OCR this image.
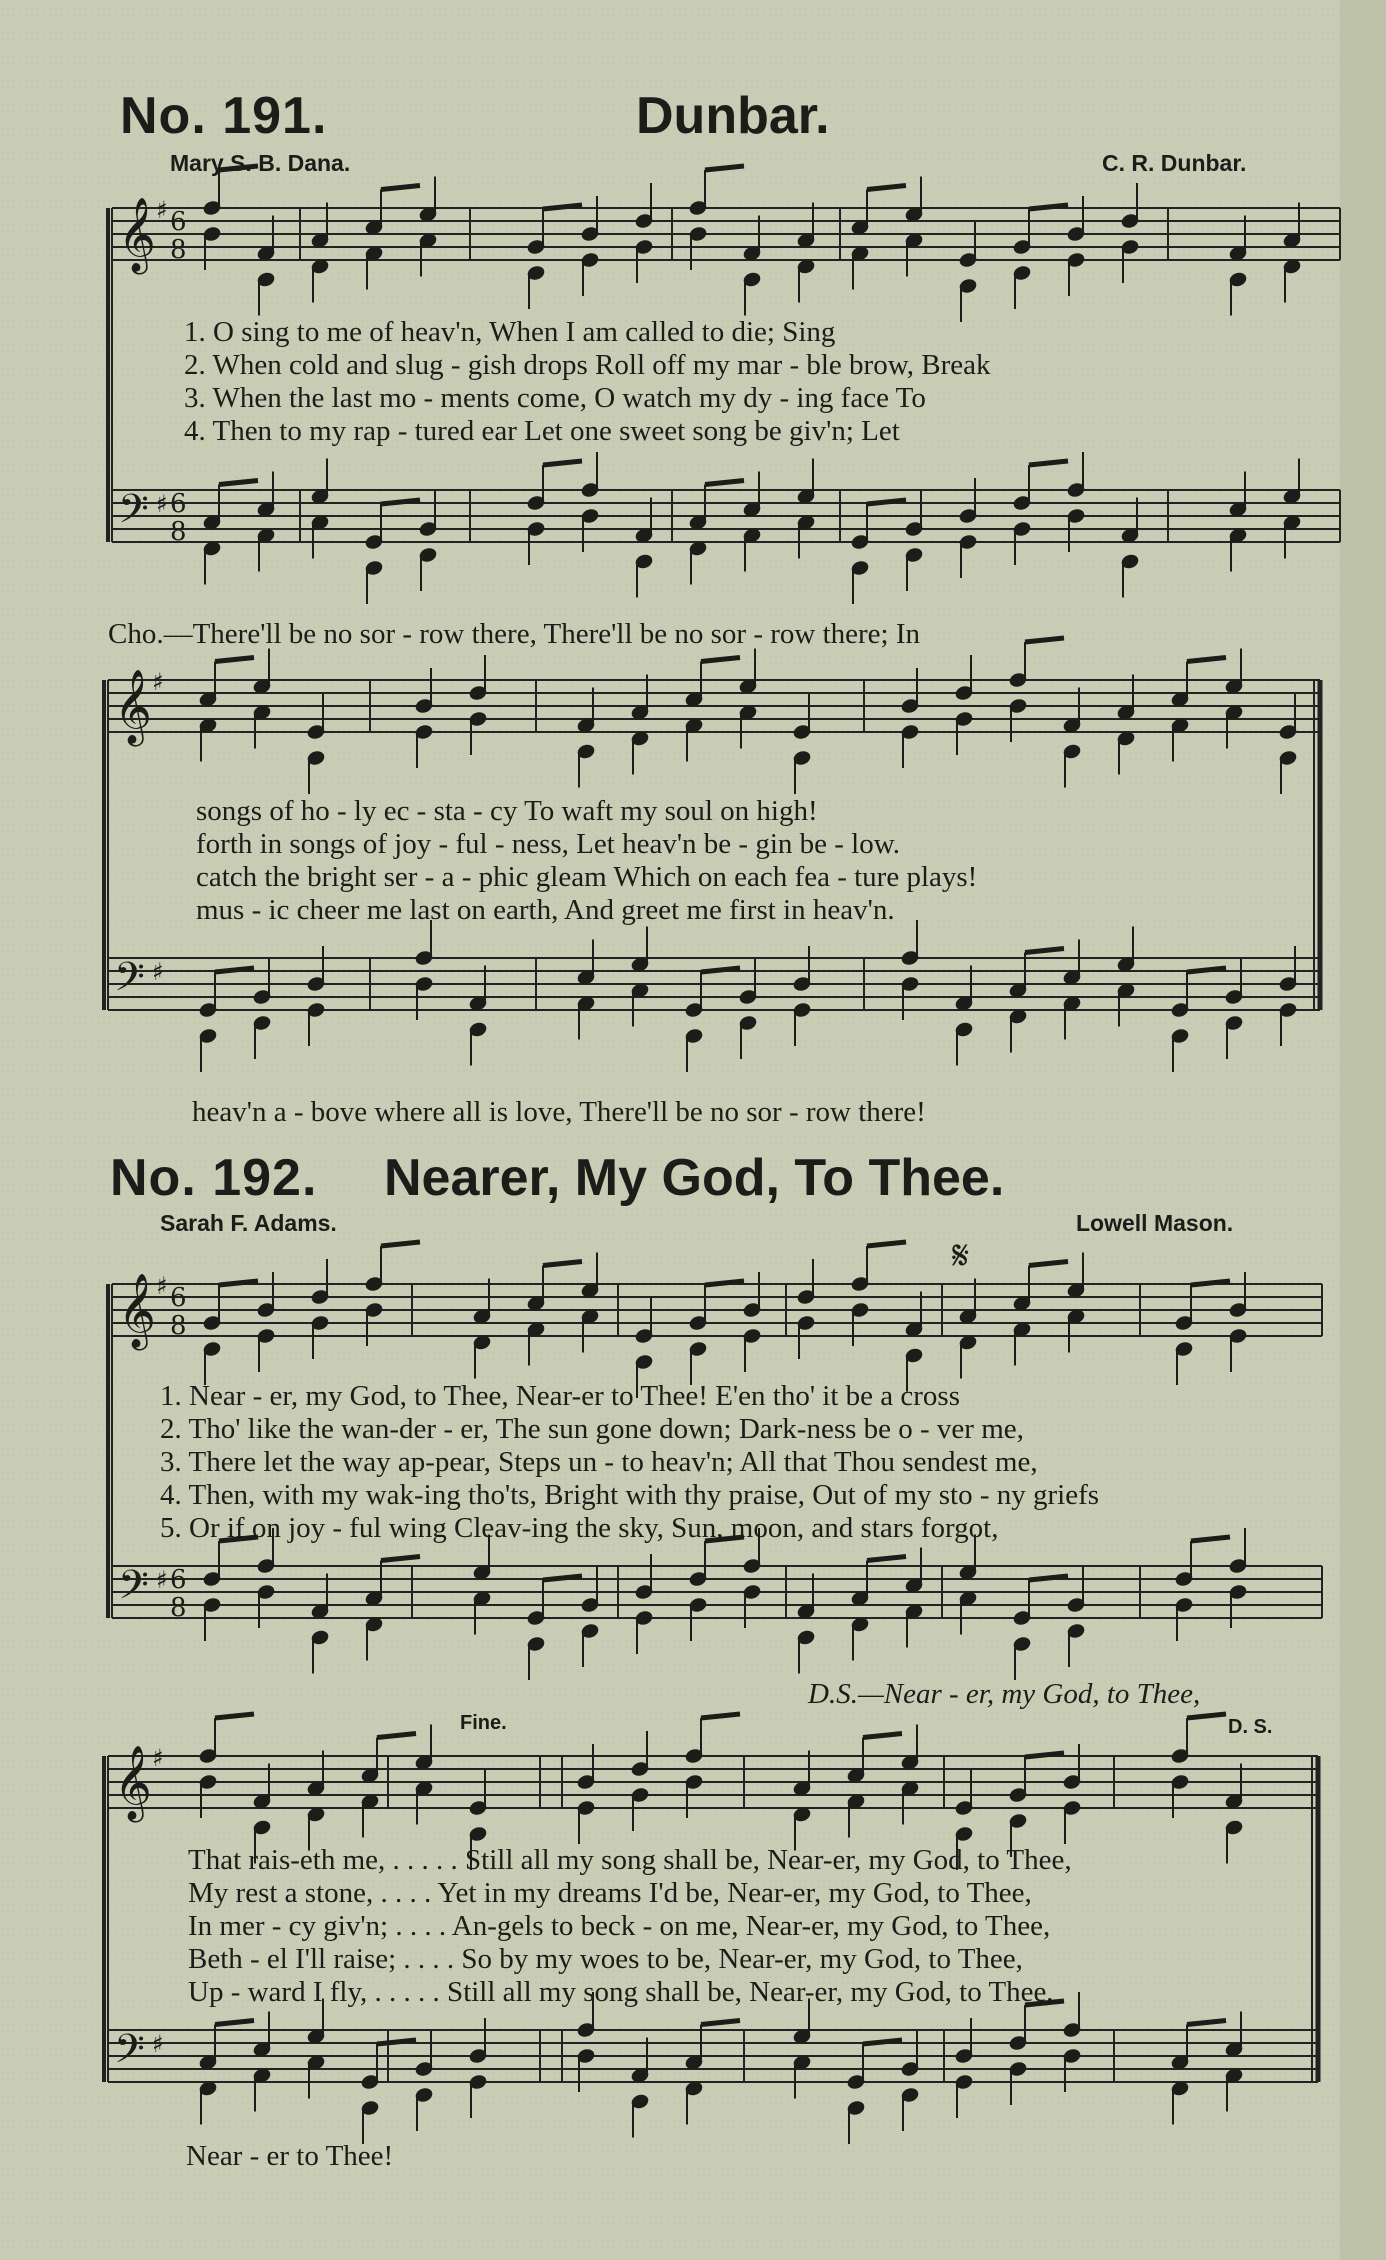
𝄞 6
8
♯
𝄢 6
8
♯
𝄞 ♯
𝄢 ♯
𝄞 6
8
♯
𝄢 6
8
♯
𝄞 ♯
𝄢 ♯
No. 191.	Dunbar.
Mary S. B. Dana.	C. R. Dunbar.
1. O sing to me of heav'n, When I am called to die; Sing
2. When cold and slug - gish drops Roll off my mar - ble brow, Break
3. When the last mo - ments come, O watch my dy - ing face To
4. Then to my rap - tured ear Let one sweet song be giv'n; Let
Cho.—There'll be no sor - row there, There'll be no sor - row there; In
songs of ho - ly ec - sta - cy To waft my soul on high!
forth in songs of joy - ful - ness, Let heav'n be - gin be - low.
catch the bright ser - a - phic gleam Which on each fea - ture plays!
mus - ic cheer me last on earth, And greet me first in heav'n.
heav'n a - bove where all is love, There'll be no sor - row there!
No. 192. Nearer, My God, To Thee.
Sarah F. Adams.	Lowell Mason.
𝄋
1. Near - er, my God, to Thee, Near-er to Thee! E'en tho' it be a cross
2. Tho' like the wan-der - er, The sun gone down; Dark-ness be o - ver me,
3. There let the way ap-pear, Steps un - to heav'n; All that Thou sendest me,
4. Then, with my wak-ing tho'ts, Bright with thy praise, Out of my sto - ny griefs
5. Or if on joy - ful wing Cleav-ing the sky, Sun, moon, and stars forgot,
D.S.—Near - er, my God, to Thee,
Fine.	D. S.
That rais-eth me, . . . . . Still all my song shall be, Near-er, my God, to Thee,
My rest a stone, . . . . Yet in my dreams I'd be, Near-er, my God, to Thee,
In mer - cy giv'n; . . . . An-gels to beck - on me, Near-er, my God, to Thee,
Beth - el I'll raise; . . . . So by my woes to be, Near-er, my God, to Thee,
Up - ward I fly, . . . . . Still all my song shall be, Near-er, my God, to Thee,
Near - er to Thee!
